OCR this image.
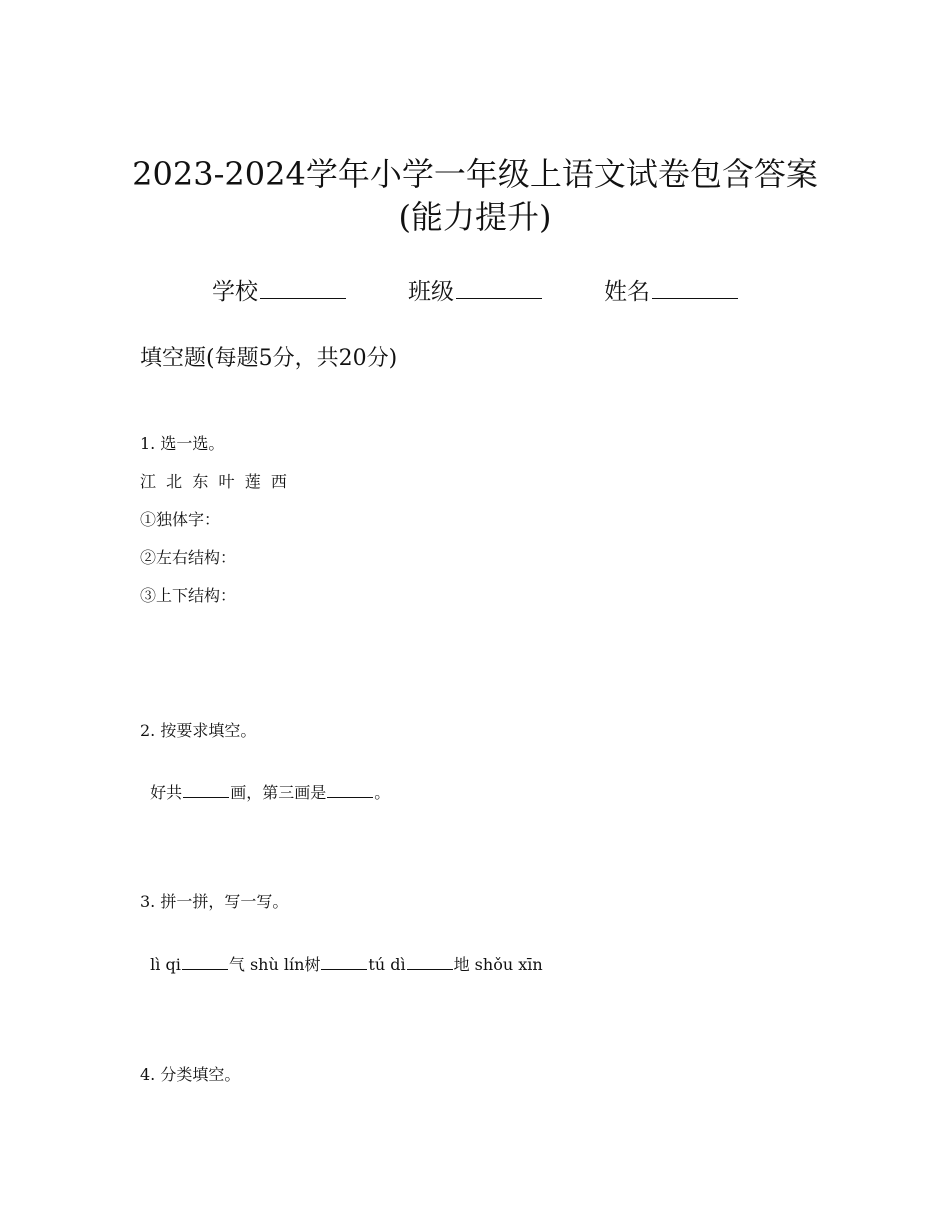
2023-2024学年小学一年级上语文试卷包含答案
(能力提升)
学校	班级	姓名
填空题(每题5分，共20分)
1. 选一选。
江  北  东  叶  莲  西
①独体字：
②左右结构：
③上下结构：
2. 按要求填空。

好共	画，第三画是	。

3. 拼一拼，写一写。

lì qi	气 shù lín树	tú dì	地 shǒu xīn

4. 分类填空。
